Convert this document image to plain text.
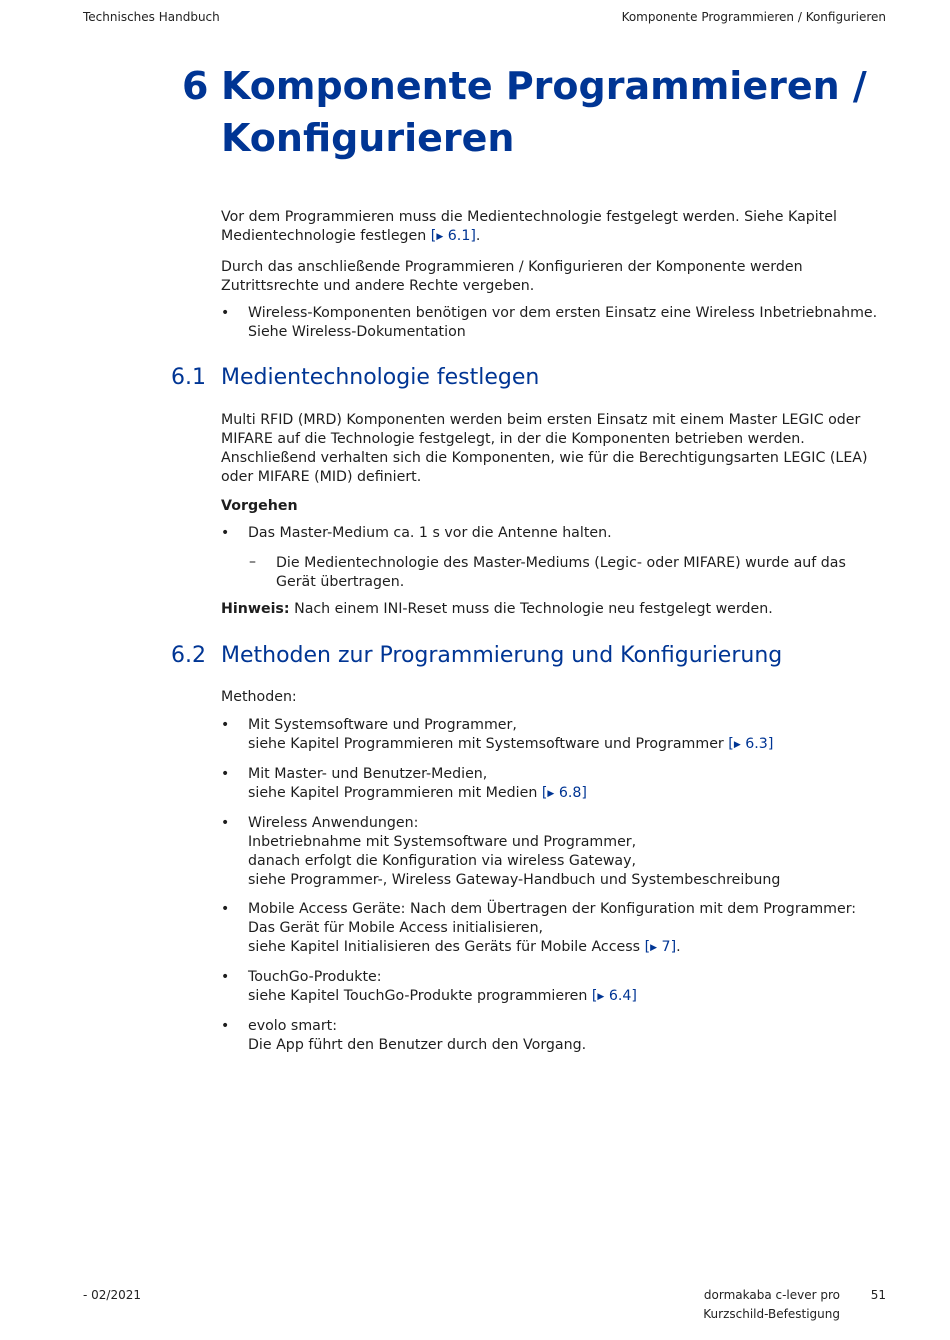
Technisches Handbuch	Komponente Programmieren / Konfigurieren
6 Komponente Programmieren /
Konfigurieren

Vor dem Programmieren muss die Medientechnologie festgelegt werden. Siehe Kapitel
Medientechnologie festlegen [▶ 6.1].

Durch das anschließende Programmieren / Konfigurieren der Komponente werden
Zutrittsrechte und andere Rechte vergeben.

• Wireless-Komponenten benötigen vor dem ersten Einsatz eine Wireless Inbetriebnahme.
Siehe Wireless-Dokumentation

6.1 Medientechnologie festlegen

Multi RFID (MRD) Komponenten werden beim ersten Einsatz mit einem Master LEGIC oder
MIFARE auf die Technologie festgelegt, in der die Komponenten betrieben werden.
Anschließend verhalten sich die Komponenten, wie für die Berechtigungsarten LEGIC (LEA)
oder MIFARE (MID) definiert.

Vorgehen

• Das Master-Medium ca. 1 s vor die Antenne halten.

– Die Medientechnologie des Master-Mediums (Legic- oder MIFARE) wurde auf das
Gerät übertragen.

Hinweis: Nach einem INI-Reset muss die Technologie neu festgelegt werden.

6.2 Methoden zur Programmierung und Konfigurierung

Methoden:

• Mit Systemsoftware und Programmer,
siehe Kapitel Programmieren mit Systemsoftware und Programmer [▶ 6.3]

• Mit Master- und Benutzer-Medien,
siehe Kapitel Programmieren mit Medien [▶ 6.8]

• Wireless Anwendungen:
Inbetriebnahme mit Systemsoftware und Programmer,
danach erfolgt die Konfiguration via wireless Gateway,
siehe Programmer-, Wireless Gateway-Handbuch und Systembeschreibung

• Mobile Access Geräte: Nach dem Übertragen der Konfiguration mit dem Programmer:
Das Gerät für Mobile Access initialisieren,
siehe Kapitel Initialisieren des Geräts für Mobile Access [▶ 7].

• TouchGo-Produkte:
siehe Kapitel TouchGo-Produkte programmieren [▶ 6.4]

• evolo smart:
Die App führt den Benutzer durch den Vorgang.

- 02/2021	dormakaba c-lever pro
Kurzschild-Befestigung
51
